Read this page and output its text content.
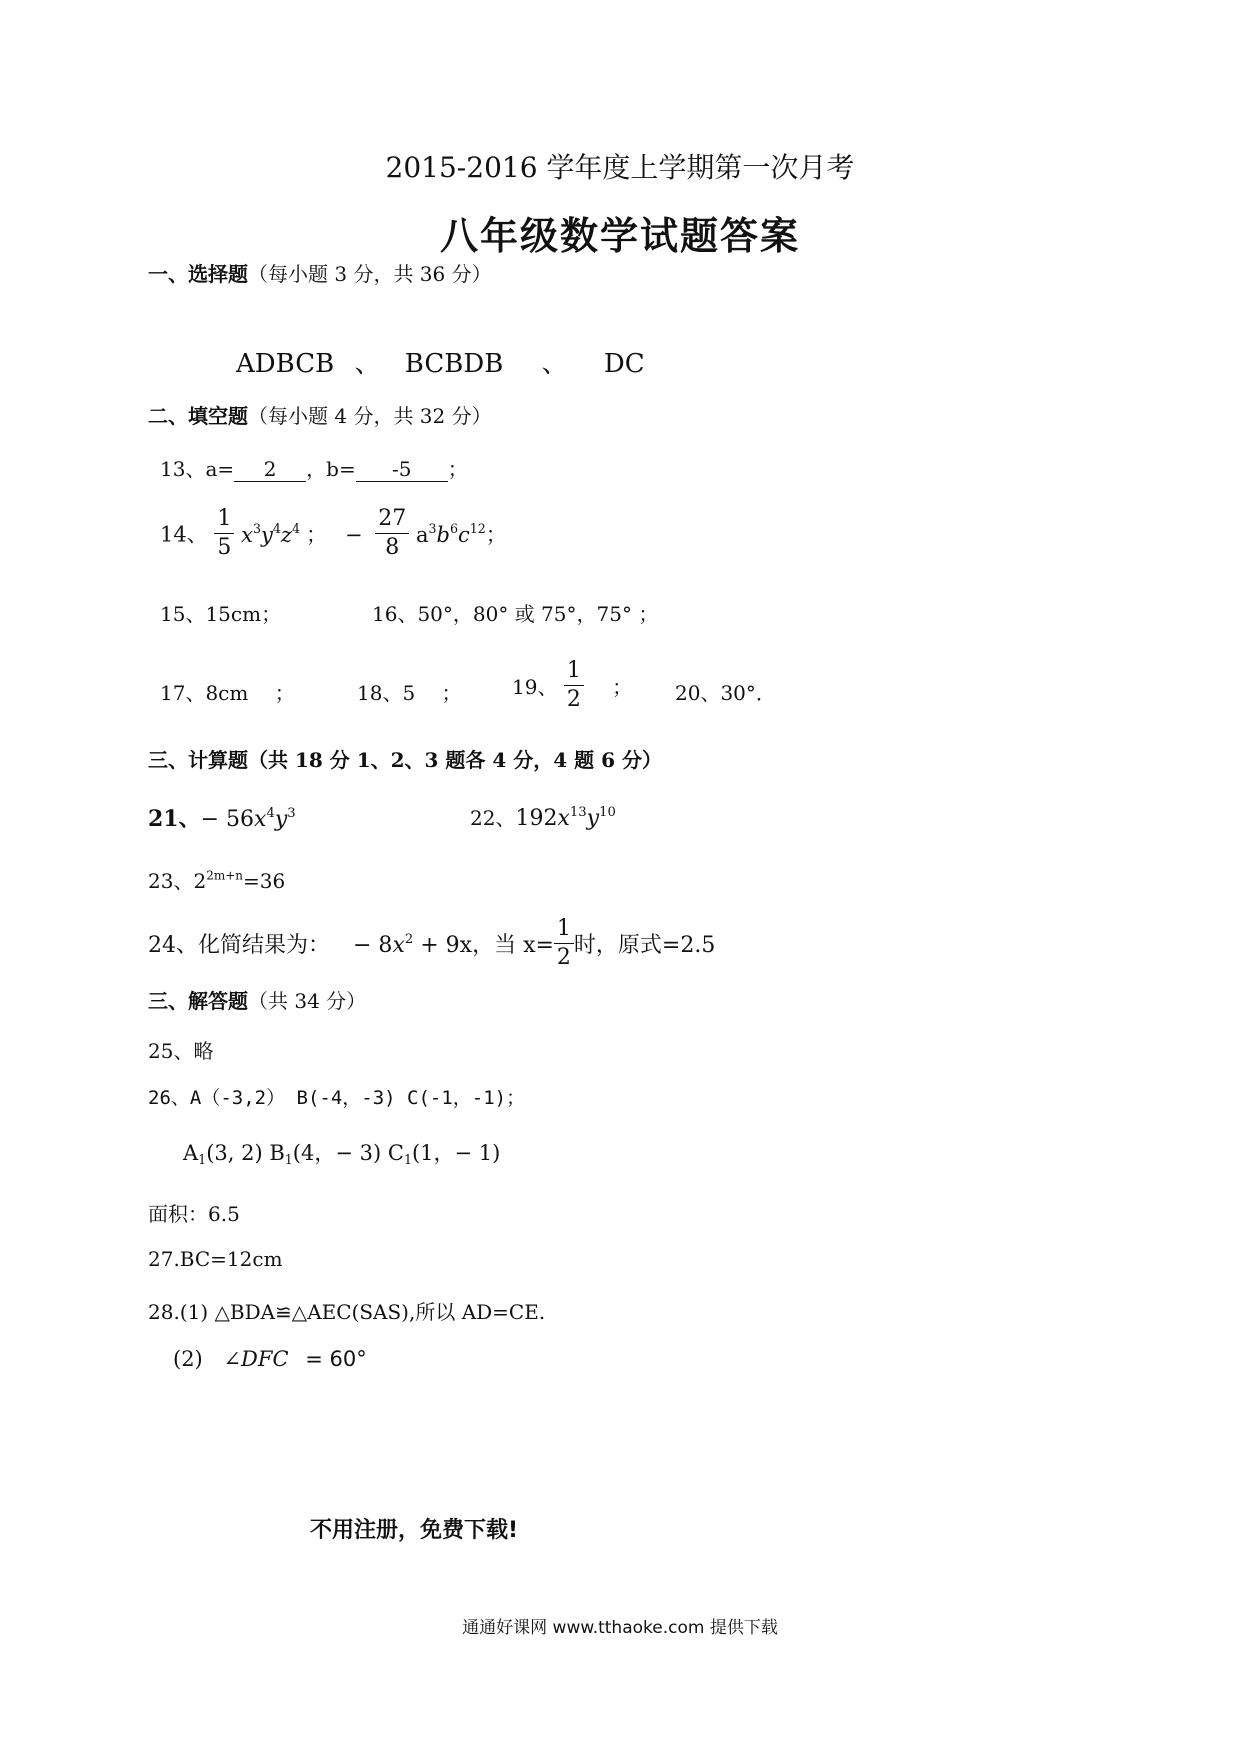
2015-2016 学年度上学期第一次月考
八年级数学试题答案
一、选择题（每小题 3 分，共 36 分）
ADBCB 、 BCBDB 、 DC
二、填空题（每小题 4 分，共 32 分）
13、a= 2 ，b= -5 ；
14、 $\frac{1}{5} x^3y^4z^4$ ； − $\frac{27}{8} a^3b^6c^{12}$；
15、15cm；	16、50°，80° 或 75°，75° ；
17、8cm　 ；	18、5　 ；	19、 $\frac{1}{2}$ ； 20、30°．
三、计算题（共 18 分 1、2、3 题各 4 分，4 题 6 分）
21、− $56x^4y^3$	22、$192x^{13}y^{10}$
23、$2^{2m+n}=36$
24、化简结果为： − $8x^2 + 9x$，当 $x= \frac{1}{2}$ 时，原式=2.5
三、解答题（共 34 分）
25、略
26、A（-3,2） B(-4，-3) C(-1，-1)；
$A_1(3$, 2) $B_1(4$，− 3) $C_1(1$，− 1)
面积：6.5
27.BC=12cm
28.(1) △BDA≌△AEC(SAS),所以 AD=CE.
(2) ∠DFC = 60°
不用注册，免费下载!
通通好课网 www.tthaoke.com 提供下载
